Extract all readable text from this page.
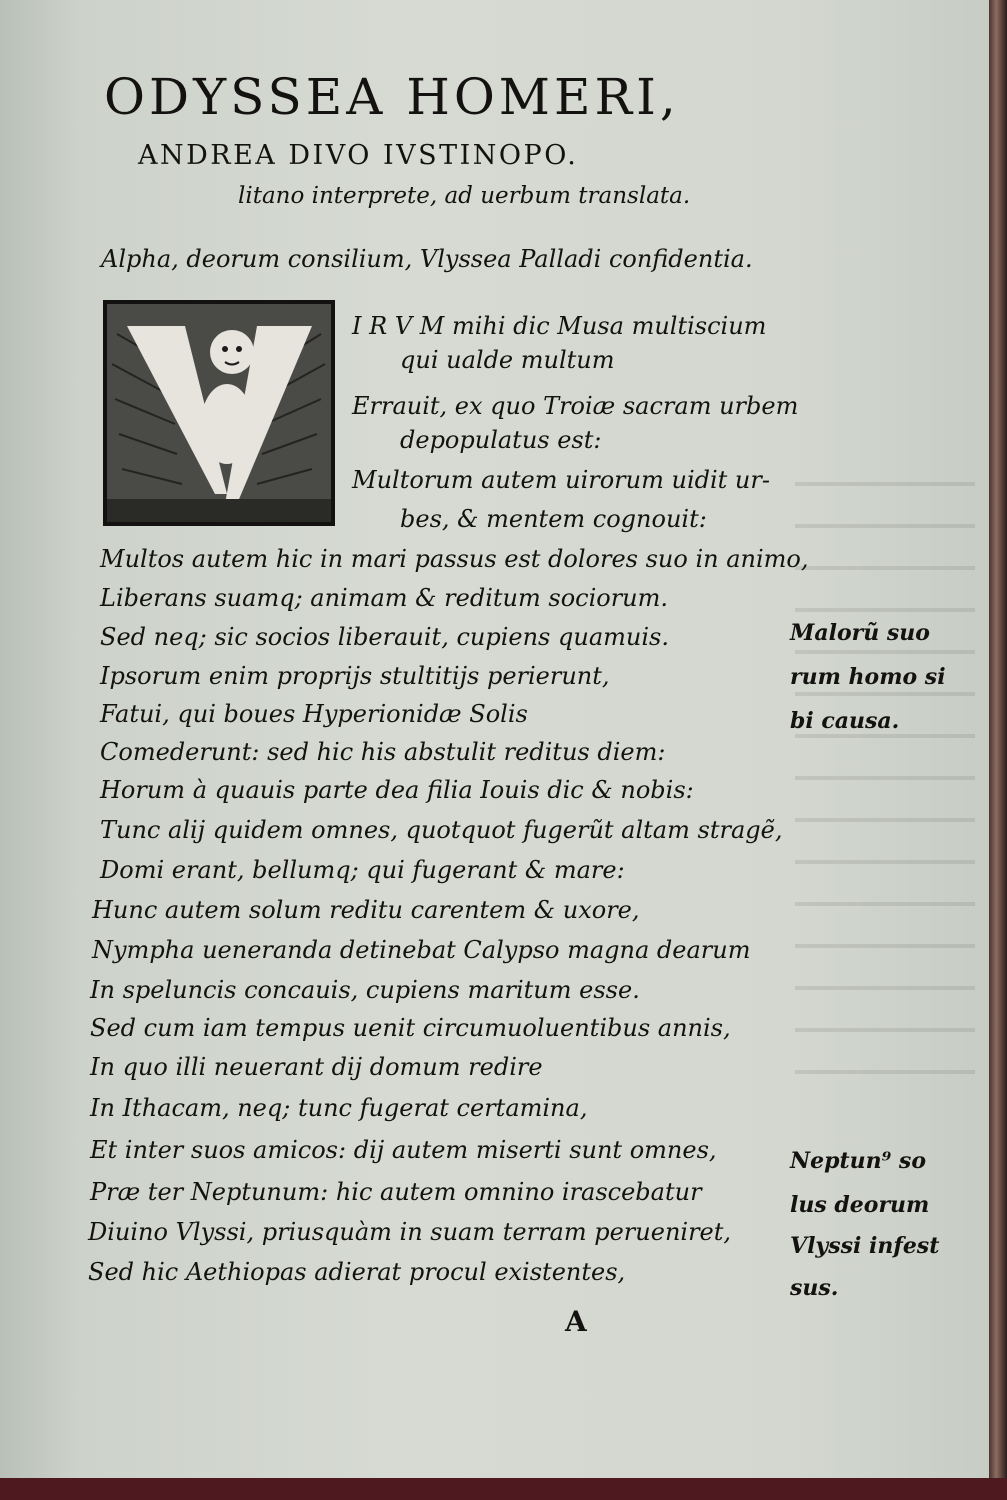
ODYSSEA HOMERI,
ANDREA DIVO IVSTINOPO.
litano interprete, ad uerbum translata.
Alpha, deorum consilium, Vlyssea Palladi confidentia.
I R V M mihi dic Musa multiscium
qui ualde multum
Errauit, ex quo Troiæ sacram urbem
depopulatus est:
Multorum autem uirorum uidit ur-
bes, & mentem cognouit:
Multos autem hic in mari passus est dolores suo in animo,
Liberans suamq; animam & reditum sociorum.
Sed neq; sic socios liberauit, cupiens quamuis.
Ipsorum enim proprijs stultitijs perierunt,
Fatui, qui boues Hyperionidæ Solis
Comederunt: sed hic his abstulit reditus diem:
Horum à quauis parte dea filia Iouis dic & nobis:
Tunc alij quidem omnes, quotquot fugerũt altam stragẽ,
Domi erant, bellumq; qui fugerant & mare:
Hunc autem solum reditu carentem & uxore,
Nympha ueneranda detinebat Calypso magna dearum
In speluncis concauis, cupiens maritum esse.
Sed cum iam tempus uenit circumuoluentibus annis,
In quo illi neuerant dij domum redire
In Ithacam, neq; tunc fugerat certamina,
Et inter suos amicos: dij autem miserti sunt omnes,
Præ ter Neptunum: hic autem omnino irascebatur
Diuino Vlyssi, priusquàm in suam terram perueniret,
Sed hic Aethiopas adierat procul existentes,
Malorũ suo
rum homo si
bi causa.
Neptun⁹ so
lus deorum
Vlyssi infest
sus.
A
